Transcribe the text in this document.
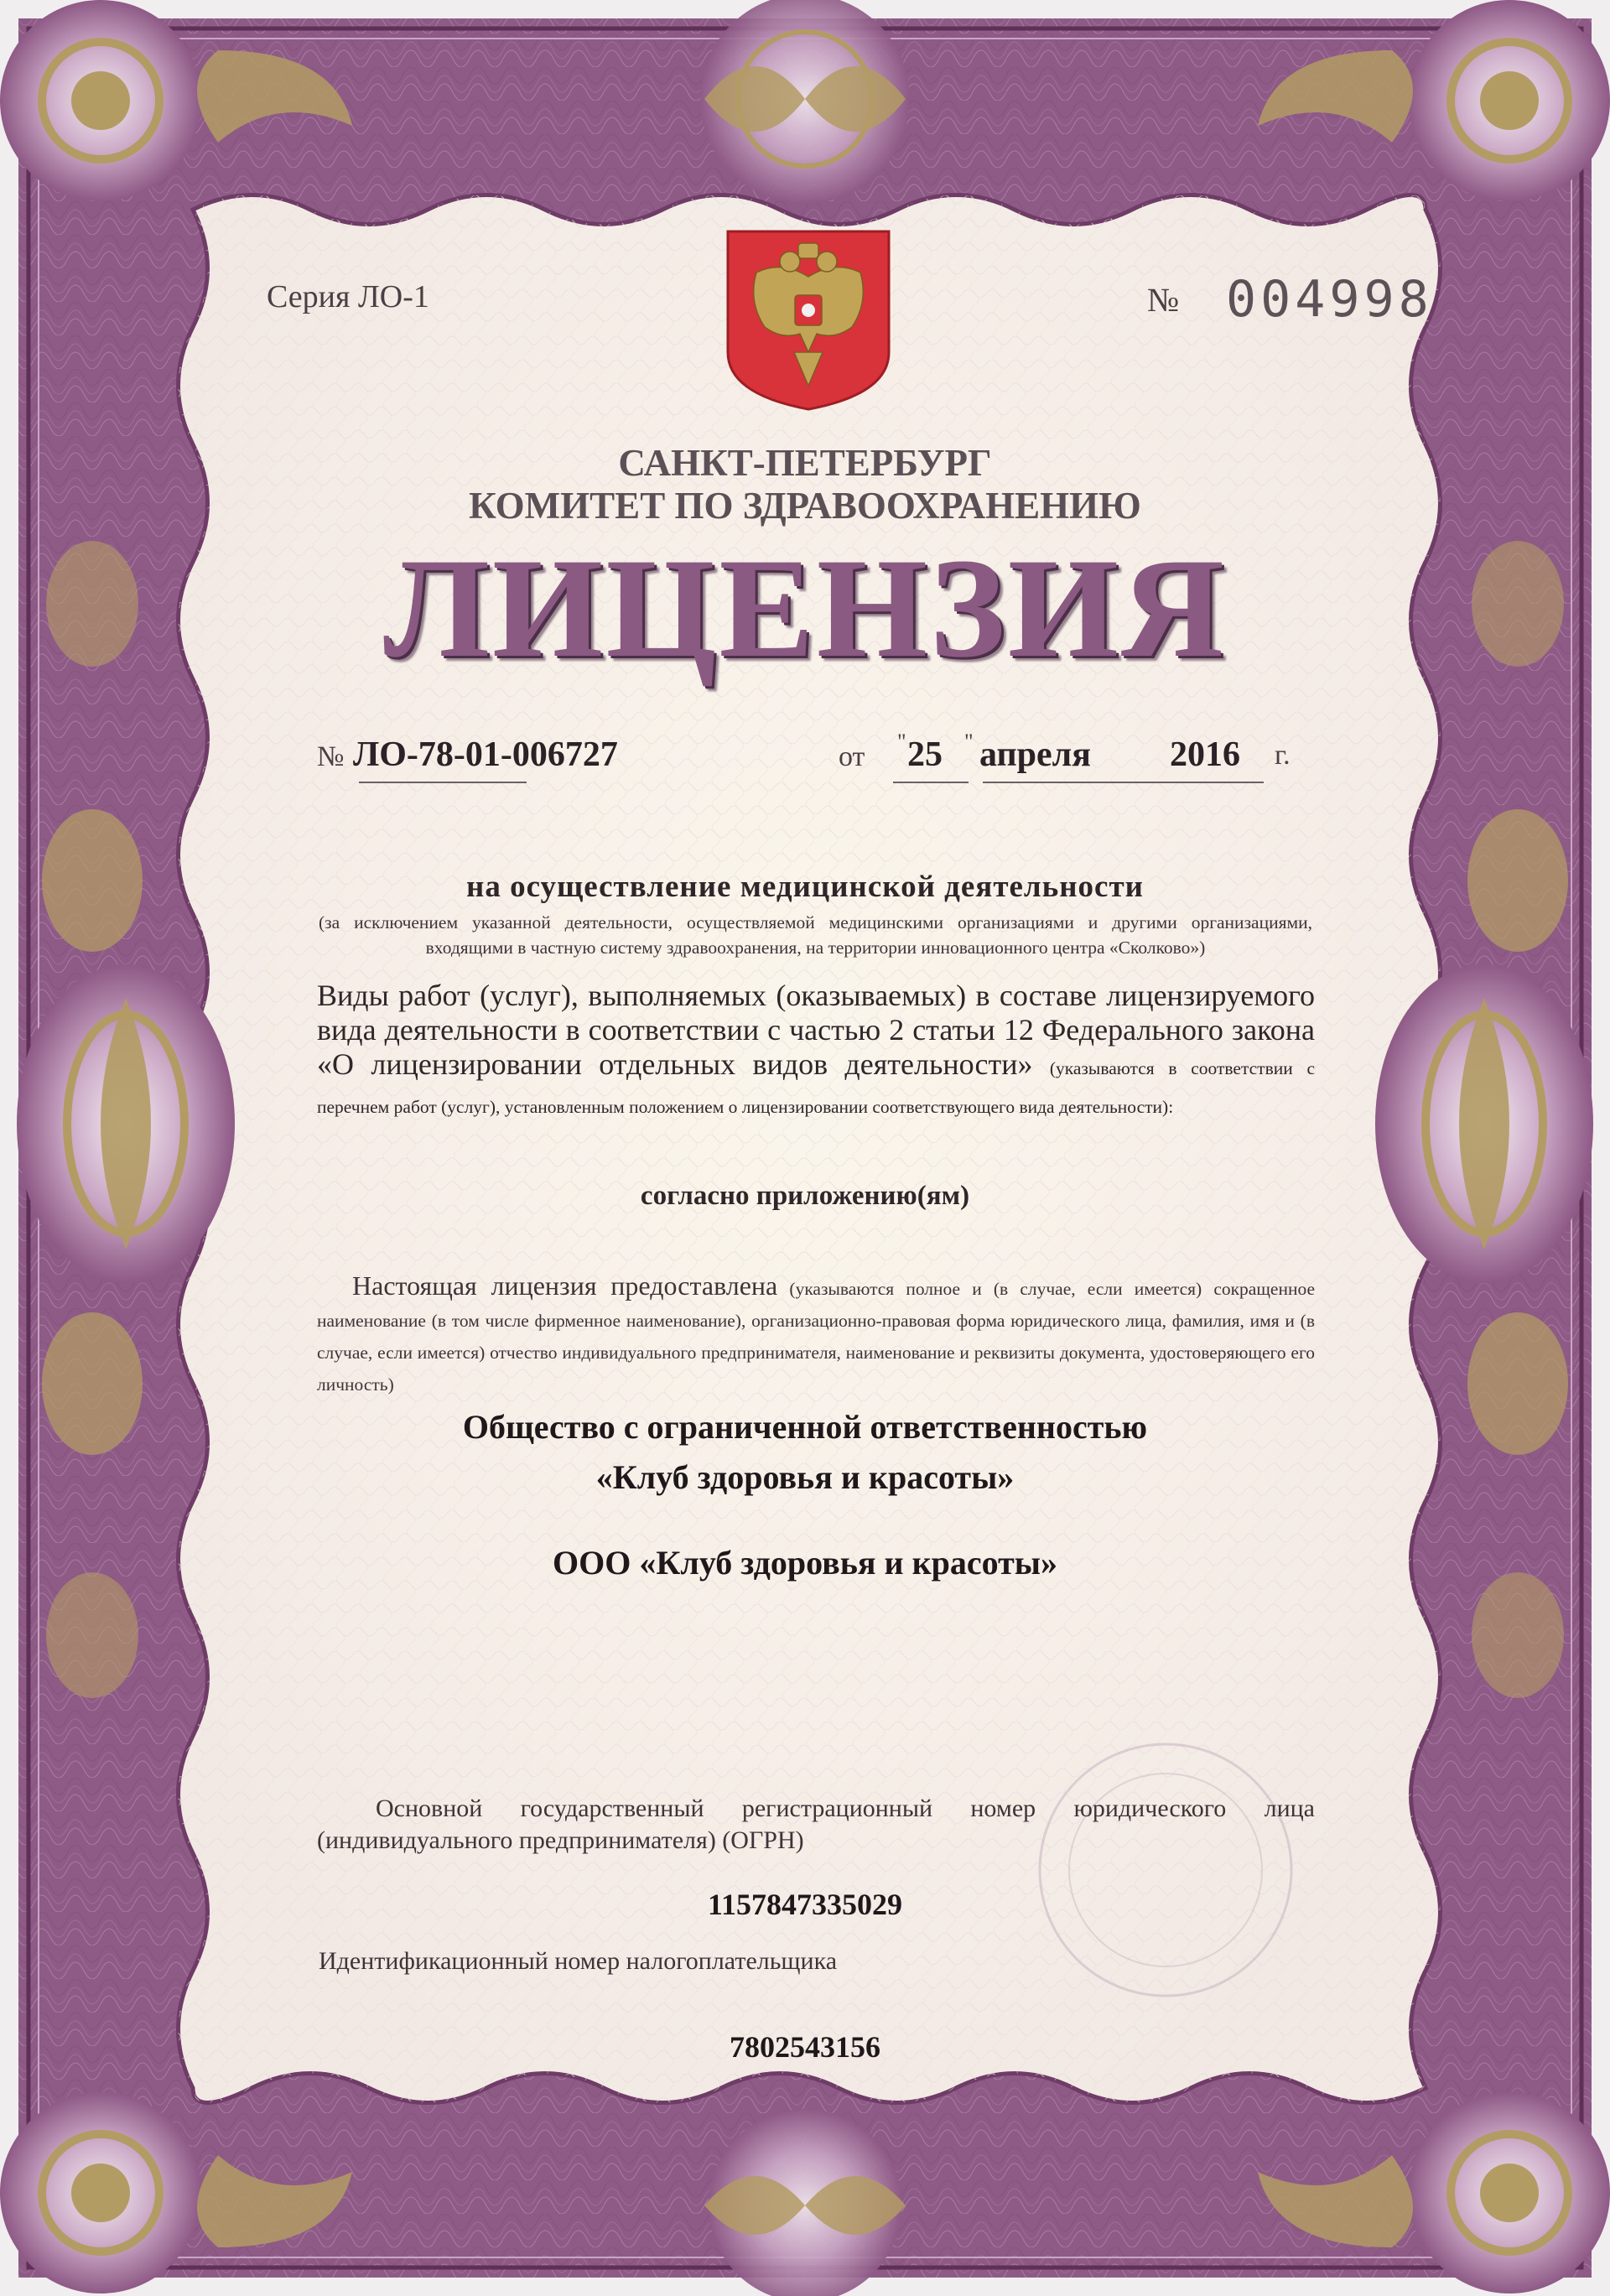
Серия ЛО-1	№ 004998
САНКТ-ПЕТЕРБУРГ
КОМИТЕТ ПО ЗДРАВООХРАНЕНИЮ
ЛИЦЕНЗИЯ
№ ЛО-78-01-006727	от " 25 " апреля 2016 г.
на осуществление медицинской деятельности
(за исключением указанной деятельности, осуществляемой медицинскими организациями и другими организациями, входящими в частную систему здравоохранения, на территории инновационного центра «Сколково»)
Виды работ (услуг), выполняемых (оказываемых) в составе лицензируемого вида деятельности в соответствии с частью 2 статьи 12 Федерального закона «О лицензировании отдельных видов деятельности» (указываются в соответствии с перечнем работ (услуг), установленным положением о лицензировании соответствующего вида деятельности):
согласно приложению(ям)
Настоящая лицензия предоставлена (указываются полное и (в случае, если имеется) сокращенное наименование (в том числе фирменное наименование), организационно-правовая форма юридического лица, фамилия, имя и (в случае, если имеется) отчество индивидуального предпринимателя, наименование и реквизиты документа, удостоверяющего его личность)
Общество с ограниченной ответственностью
«Клуб здоровья и красоты»
ООО «Клуб здоровья и красоты»
Основной государственный регистрационный номер юридического лица (индивидуального предпринимателя) (ОГРН)
1157847335029
Идентификационный номер налогоплательщика
7802543156
